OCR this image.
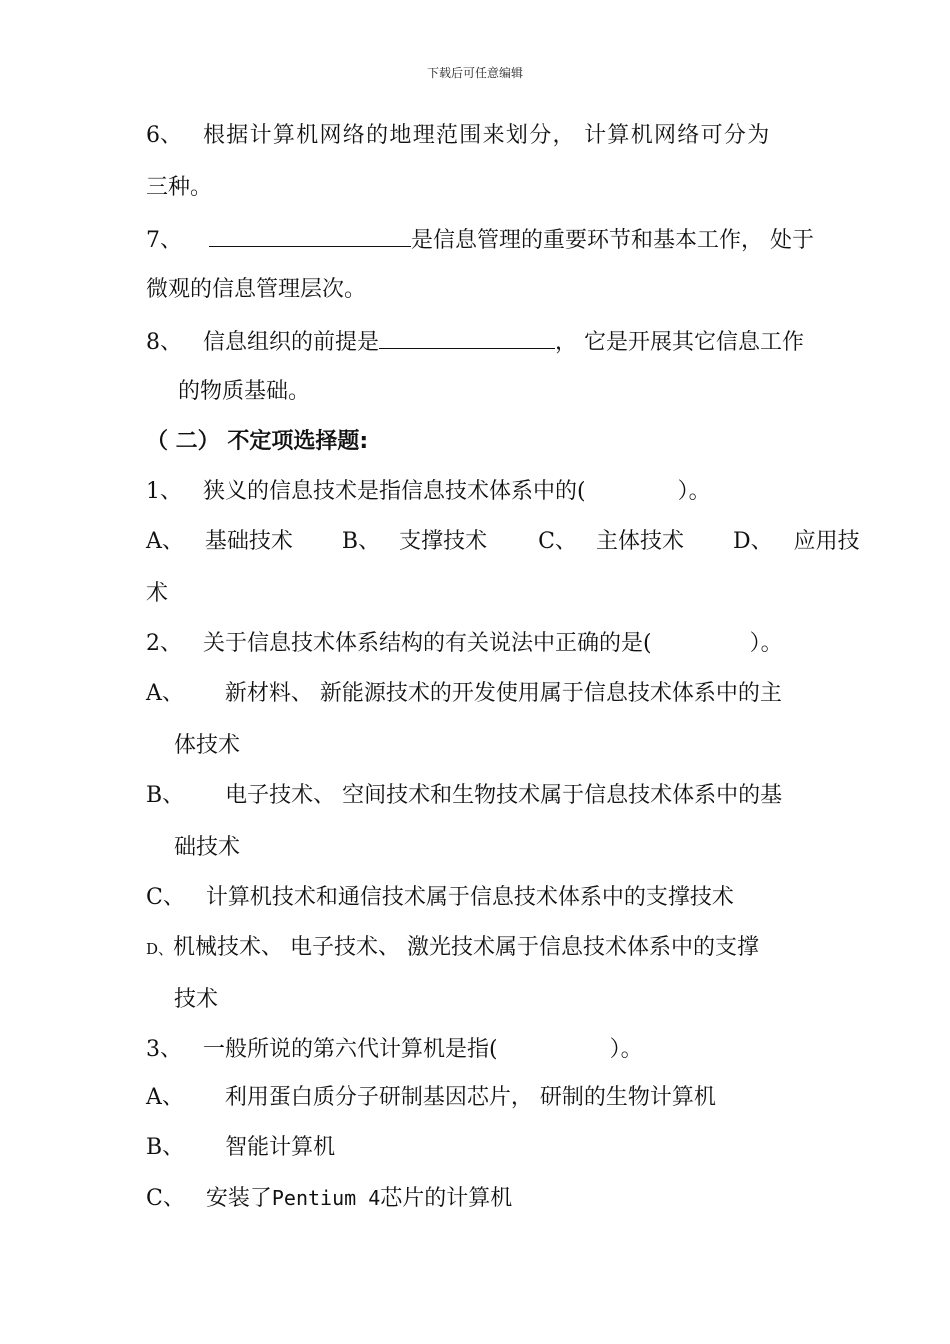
下载后可任意编辑
6、 根据计算机网络的地理范围来划分， 计算机网络可分为
三种。
7、	是信息管理的重要环节和基本工作， 处于
微观的信息管理层次。
8、 信息组织的前提是	， 它是开展其它信息工作
的物质基础。
（ 二） 不定项选择题:
1、 狭义的信息技术是指信息技术体系中的(	）。
A、 基础技术 B、 支撑技术 C、 主体技术 D、 应用技
术
2、 关于信息技术体系结构的有关说法中正确的是(	）。
A、 新材料、 新能源技术的开发使用属于信息技术体系中的主
体技术
B、 电子技术、 空间技术和生物技术属于信息技术体系中的基
础技术
C、 计算机技术和通信技术属于信息技术体系中的支撑技术
D、机械技术、 电子技术、 激光技术属于信息技术体系中的支撑
技术
3、 一般所说的第六代计算机是指(	）。
A、 利用蛋白质分子研制基因芯片， 研制的生物计算机
B、 智能计算机
C、 安装了Pentium 4芯片的计算机
